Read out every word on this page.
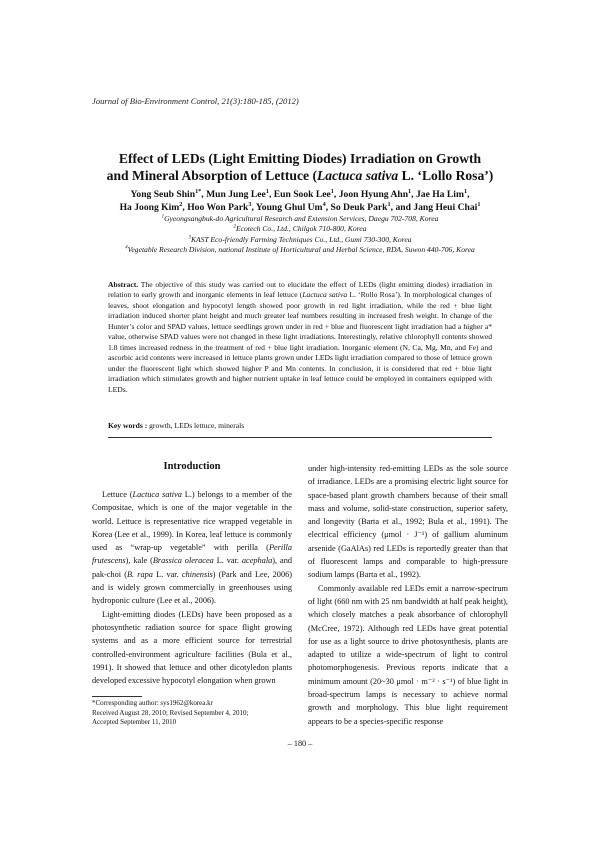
Journal of Bio-Environment Control, 21(3):180-185, (2012)
Effect of LEDs (Light Emitting Diodes) Irradiation on Growth
and Mineral Absorption of Lettuce (Lactuca sativa L. ‘Lollo Rosa’)
Yong Seub Shin$^{1*}$, Mun Jung Lee$^1$, Eun Sook Lee$^1$, Joon Hyung Ahn$^1$, Jae Ha Lim$^1$,
Ha Joong Kim$^2$, Hoo Won Park$^3$, Young Ghul Um$^4$, So Deuk Park$^1$, and Jang Heui Chai$^1$
$^1$Gyeongsangbuk-do Agricultural Research and Extension Services, Daegu 702-708, Korea
$^2$Ecotech Co., Ltd., Chilgok 710-800, Korea
$^3$KAST Eco-friendly Farming Techniques Co., Ltd., Gumi 730-300, Korea
$^4$Vegetable Research Division, national Institute of Horticultural and Herbal Science, RDA, Suwon 440-706, Korea
Abstract. The objective of this study was carried out to elucidate the effect of LEDs (light emitting diodes) irradiation in relation to early growth and inorganic elements in leaf lettuce (Lactuca sativa L. ‘Rollo Rosa’). In morphological changes of leaves, shoot elongation and hypocotyl length showed poor growth in red light irradiation, while the red + blue light irradiation induced shorter plant height and much greater leaf numbers resulting in increased fresh weight. In change of the Hunter’s color and SPAD values, lettuce seedlings grown under in red + blue and fluorescent light irradiation had a higher a* value, otherwise SPAD values were not changed in these light irradiations. Interestingly, relative chlorophyll contents showed 1.8 times increased redness in the treatment of red + blue light irradiation. Inorganic element (N, Ca, Mg, Mn, and Fe) and ascorbic acid contents were increased in lettuce plants grown under LEDs light irradiation compared to those of lettuce grown under the fluorescent light which showed higher P and Mn contents. In conclusion, it is considered that red + blue light irradiation which stimulates growth and higher nutrient uptake in leaf lettuce could be employed in containers equipped with LEDs.
Key words : growth, LEDs lettuce, minerals
Introduction

Lettuce (Lactuca sativa L.) belongs to a member of the Compositae, which is one of the major vegetable in the world. Lettuce is representative rice wrapped vegetable in Korea (Lee et al., 1999). In Korea, leaf lettuce is commonly used as “wrap-up vegetable” with perilla (Perilla frutescens), kale (Brassica oleracea L. var. acephala), and pak-choi (B. rapa L. var. chinensis) (Park and Lee, 2006) and is widely grown commercially in greenhouses using hydroponic culture (Lee et al., 2006).

Light-emitting diodes (LEDs) have been proposed as a photosynthetic radiation source for space flight growing systems and as a more efficient source for terrestrial controlled-environment agriculture facilities (Bula et al., 1991). It showed that lettuce and other dicotyledon plants developed excessive hypocotyl elongation when grown

under high-intensity red-emitting LEDs as the sole source of irradiance. LEDs are a promising electric light source for space-based plant growth chambers because of their small mass and volume, solid-state construction, superior safety, and longevity (Barta et al., 1992; Bula et al., 1991). The electrical efficiency (μmol · J⁻¹) of gallium aluminum arsenide (GaAlAs) red LEDs is reportedly greater than that of fluorescent lamps and comparable to high-pressure sodium lamps (Barta et al., 1992).

Commonly available red LEDs emit a narrow-spectrum of light (660 nm with 25 nm bandwidth at half peak height), which closely matches a peak absorbance of chlorophyll (McCree, 1972). Although red LEDs have great potential for use as a light source to drive photosynthesis, plants are adapted to utilize a wide-spectrum of light to control photomorphogenesis. Previous reports indicate that a minimum amount (20~30 μmol · m⁻² · s⁻¹) of blue light in broad-spectrum lamps is necessary to achieve normal growth and morphology. This blue light requirement appears to be a species-specific response

*Corresponding author: sys1962@korea.kr
Received August 28, 2010; Revised September 4, 2010;
Accepted September 11, 2010
– 180 –
